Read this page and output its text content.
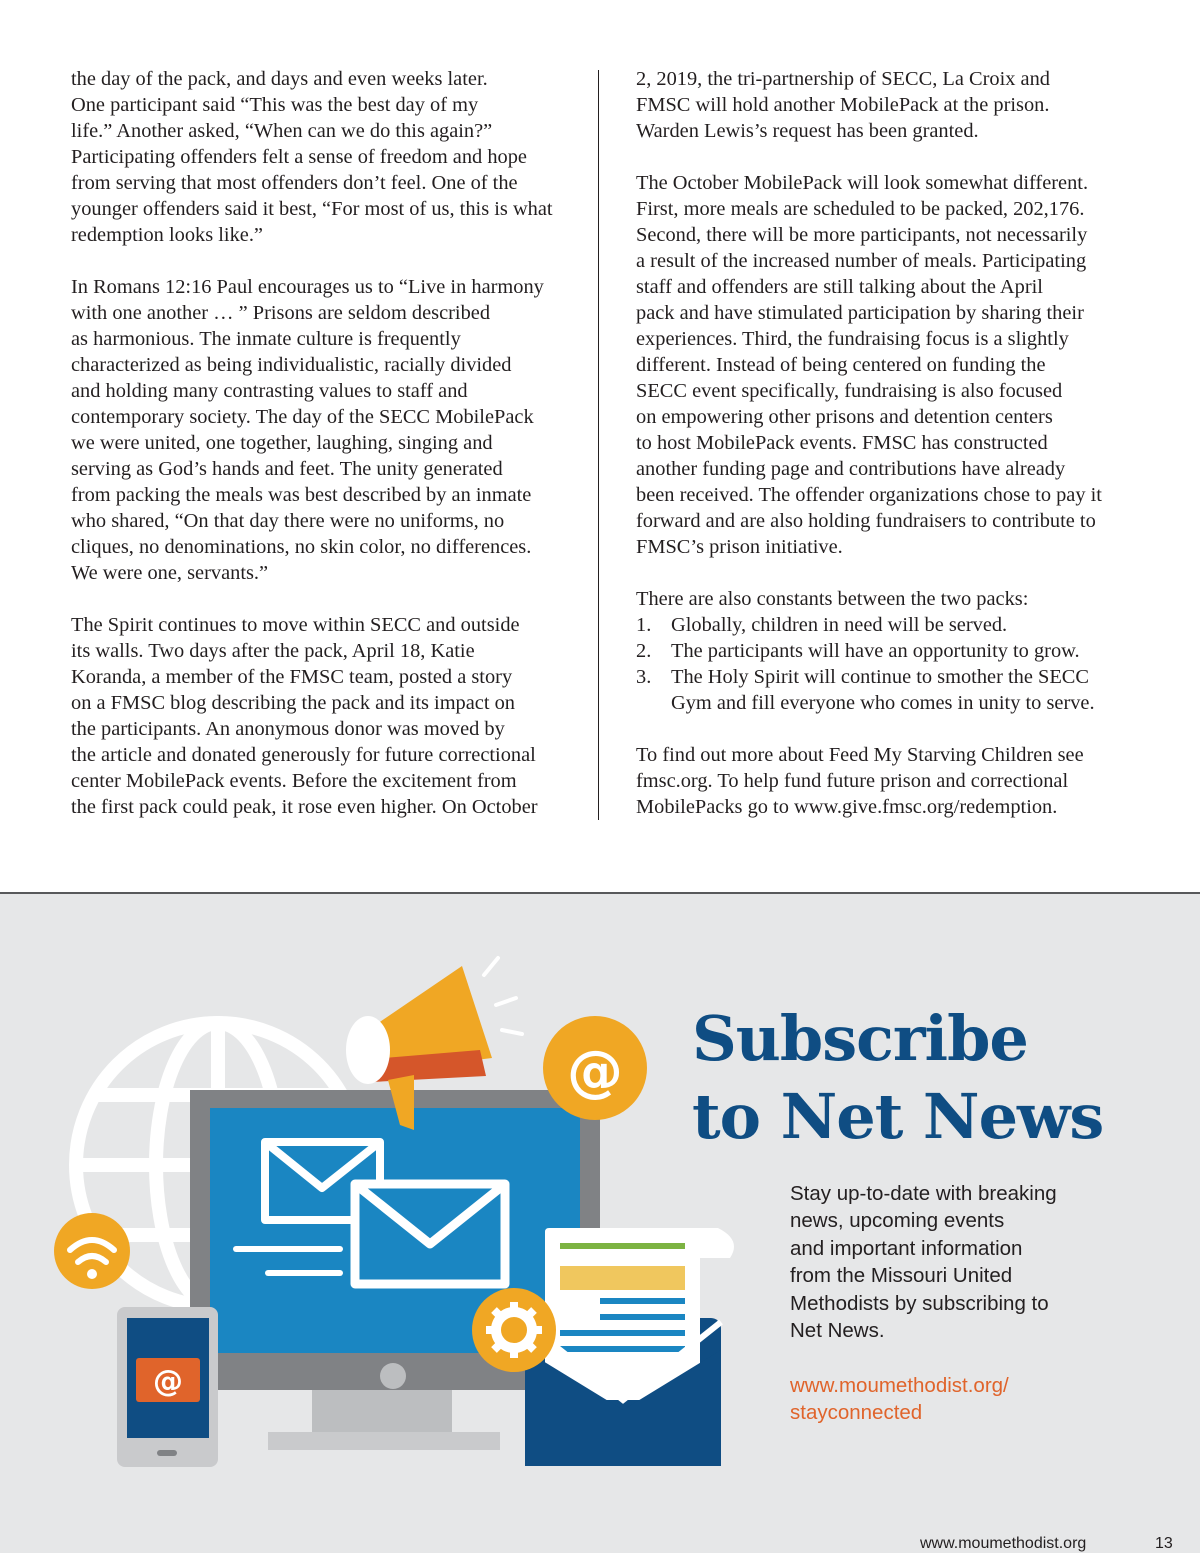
the day of the pack, and days and even weeks later.
One participant said “This was the best day of my
life.” Another asked, “When can we do this again?”
Participating offenders felt a sense of freedom and hope
from serving that most offenders don’t feel. One of the
younger offenders said it best, “For most of us, this is what
redemption looks like.”
In Romans 12:16 Paul encourages us to “Live in harmony
with one another … ” Prisons are seldom described
as harmonious. The inmate culture is frequently
characterized as being individualistic, racially divided
and holding many contrasting values to staff and
contemporary society. The day of the SECC MobilePack
we were united, one together, laughing, singing and
serving as God’s hands and feet. The unity generated
from packing the meals was best described by an inmate
who shared, “On that day there were no uniforms, no
cliques, no denominations, no skin color, no differences.
We were one, servants.”
The Spirit continues to move within SECC and outside
its walls. Two days after the pack, April 18, Katie
Koranda, a member of the FMSC team, posted a story
on a FMSC blog describing the pack and its impact on
the participants. An anonymous donor was moved by
the article and donated generously for future correctional
center MobilePack events. Before the excitement from
the first pack could peak, it rose even higher. On October
2, 2019, the tri-partnership of SECC, La Croix and
FMSC will hold another MobilePack at the prison.
Warden Lewis’s request has been granted.
The October MobilePack will look somewhat different.
First, more meals are scheduled to be packed, 202,176.
Second, there will be more participants, not necessarily
a result of the increased number of meals. Participating
staff and offenders are still talking about the April
pack and have stimulated participation by sharing their
experiences. Third, the fundraising focus is a slightly
different. Instead of being centered on funding the
SECC event specifically, fundraising is also focused
on empowering other prisons and detention centers
to host MobilePack events. FMSC has constructed
another funding page and contributions have already
been received. The offender organizations chose to pay it
forward and are also holding fundraisers to contribute to
FMSC’s prison initiative.
There are also constants between the two packs:
1. Globally, children in need will be served.
2. The participants will have an opportunity to grow.
3. The Holy Spirit will continue to smother the SECC
Gym and fill everyone who comes in unity to serve.
To find out more about Feed My Starving Children see
fmsc.org. To help fund future prison and correctional
MobilePacks go to www.give.fmsc.org/redemption.
@
@
Subscribe
to Net News
Stay up-to-date with breaking
news, upcoming events
and important information
from the Missouri United
Methodists by subscribing to
Net News.
www.moumethodist.org/
stayconnected
www.moumethodist.org	13
